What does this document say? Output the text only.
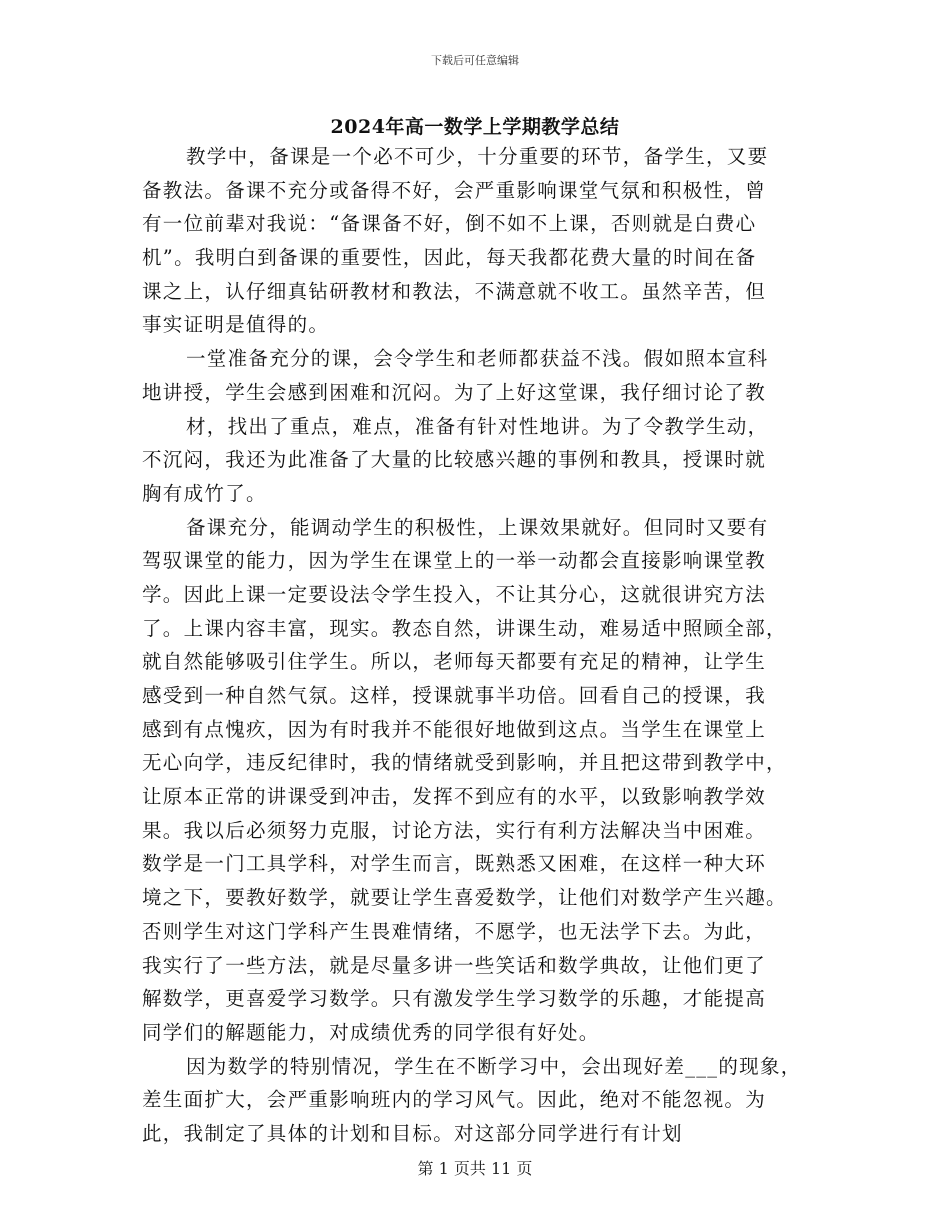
下载后可任意编辑
2024年高一数学上学期教学总结
教学中，备课是一个必不可少，十分重要的环节，备学生，又要
备教法。备课不充分或备得不好，会严重影响课堂气氛和积极性，曾
有一位前辈对我说：“备课备不好，倒不如不上课，否则就是白费心
机”。我明白到备课的重要性，因此，每天我都花费大量的时间在备
课之上，认仔细真钻研教材和教法，不满意就不收工。虽然辛苦，但
事实证明是值得的。
一堂准备充分的课，会令学生和老师都获益不浅。假如照本宣科
地讲授，学生会感到困难和沉闷。为了上好这堂课，我仔细讨论了教
材，找出了重点，难点，准备有针对性地讲。为了令教学生动，
不沉闷，我还为此准备了大量的比较感兴趣的事例和教具，授课时就
胸有成竹了。
备课充分，能调动学生的积极性，上课效果就好。但同时又要有
驾驭课堂的能力，因为学生在课堂上的一举一动都会直接影响课堂教
学。因此上课一定要设法令学生投入，不让其分心，这就很讲究方法
了。上课内容丰富，现实。教态自然，讲课生动，难易适中照顾全部，
就自然能够吸引住学生。所以，老师每天都要有充足的精神，让学生
感受到一种自然气氛。这样，授课就事半功倍。回看自己的授课，我
感到有点愧疚，因为有时我并不能很好地做到这点。当学生在课堂上
无心向学，违反纪律时，我的情绪就受到影响，并且把这带到教学中，
让原本正常的讲课受到冲击，发挥不到应有的水平，以致影响教学效
果。我以后必须努力克服，讨论方法，实行有利方法解决当中困难。
数学是一门工具学科，对学生而言，既熟悉又困难，在这样一种大环
境之下，要教好数学，就要让学生喜爱数学，让他们对数学产生兴趣。
否则学生对这门学科产生畏难情绪，不愿学，也无法学下去。为此，
我实行了一些方法，就是尽量多讲一些笑话和数学典故，让他们更了
解数学，更喜爱学习数学。只有激发学生学习数学的乐趣，才能提高
同学们的解题能力，对成绩优秀的同学很有好处。
因为数学的特别情况，学生在不断学习中，会出现好差___的现象，
差生面扩大，会严重影响班内的学习风气。因此，绝对不能忽视。为
此，我制定了具体的计划和目标。对这部分同学进行有计划
第 1 页共 11 页
